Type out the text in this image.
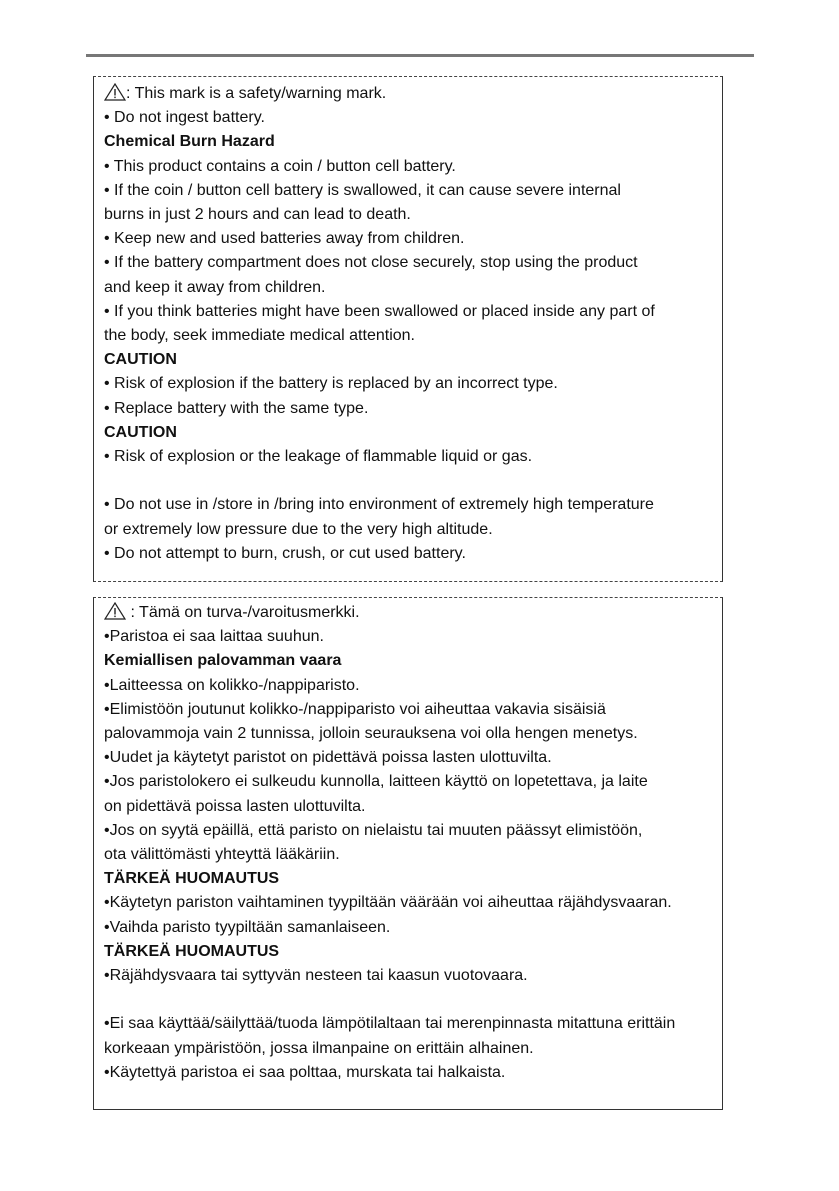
: This mark is a safety/warning mark.
• Do not ingest battery.
Chemical Burn Hazard
• This product contains a coin / button cell battery.
• If the coin / button cell battery is swallowed, it can cause severe internal
burns in just 2 hours and can lead to death.
• Keep new and used batteries away from children.
• If the battery compartment does not close securely, stop using the product
and keep it away from children.
• If you think batteries might have been swallowed or placed inside any part of
the body, seek immediate medical attention.
CAUTION
• Risk of explosion if the battery is replaced by an incorrect type.
• Replace battery with the same type.
CAUTION
• Risk of explosion or the leakage of flammable liquid or gas.
• Do not use in /store in /bring into environment of extremely high temperature
or extremely low pressure due to the very high altitude.
• Do not attempt to burn, crush, or cut used battery.
: Tämä on turva-/varoitusmerkki.
•Paristoa ei saa laittaa suuhun.
Kemiallisen palovamman vaara
•Laitteessa on kolikko-/nappiparisto.
•Elimistöön joutunut kolikko-/nappiparisto voi aiheuttaa vakavia sisäisiä
palovammoja vain 2 tunnissa, jolloin seurauksena voi olla hengen menetys.
•Uudet ja käytetyt paristot on pidettävä poissa lasten ulottuvilta.
•Jos paristolokero ei sulkeudu kunnolla, laitteen käyttö on lopetettava, ja laite
on pidettävä poissa lasten ulottuvilta.
•Jos on syytä epäillä, että paristo on nielaistu tai muuten päässyt elimistöön,
ota välittömästi yhteyttä lääkäriin.
TÄRKEÄ HUOMAUTUS
•Käytetyn pariston vaihtaminen tyypiltään väärään voi aiheuttaa räjähdysvaaran.
•Vaihda paristo tyypiltään samanlaiseen.
TÄRKEÄ HUOMAUTUS
•Räjähdysvaara tai syttyvän nesteen tai kaasun vuotovaara.
•Ei saa käyttää/säilyttää/tuoda lämpötilaltaan tai merenpinnasta mitattuna erittäin
korkeaan ympäristöön, jossa ilmanpaine on erittäin alhainen.
•Käytettyä paristoa ei saa polttaa, murskata tai halkaista.
